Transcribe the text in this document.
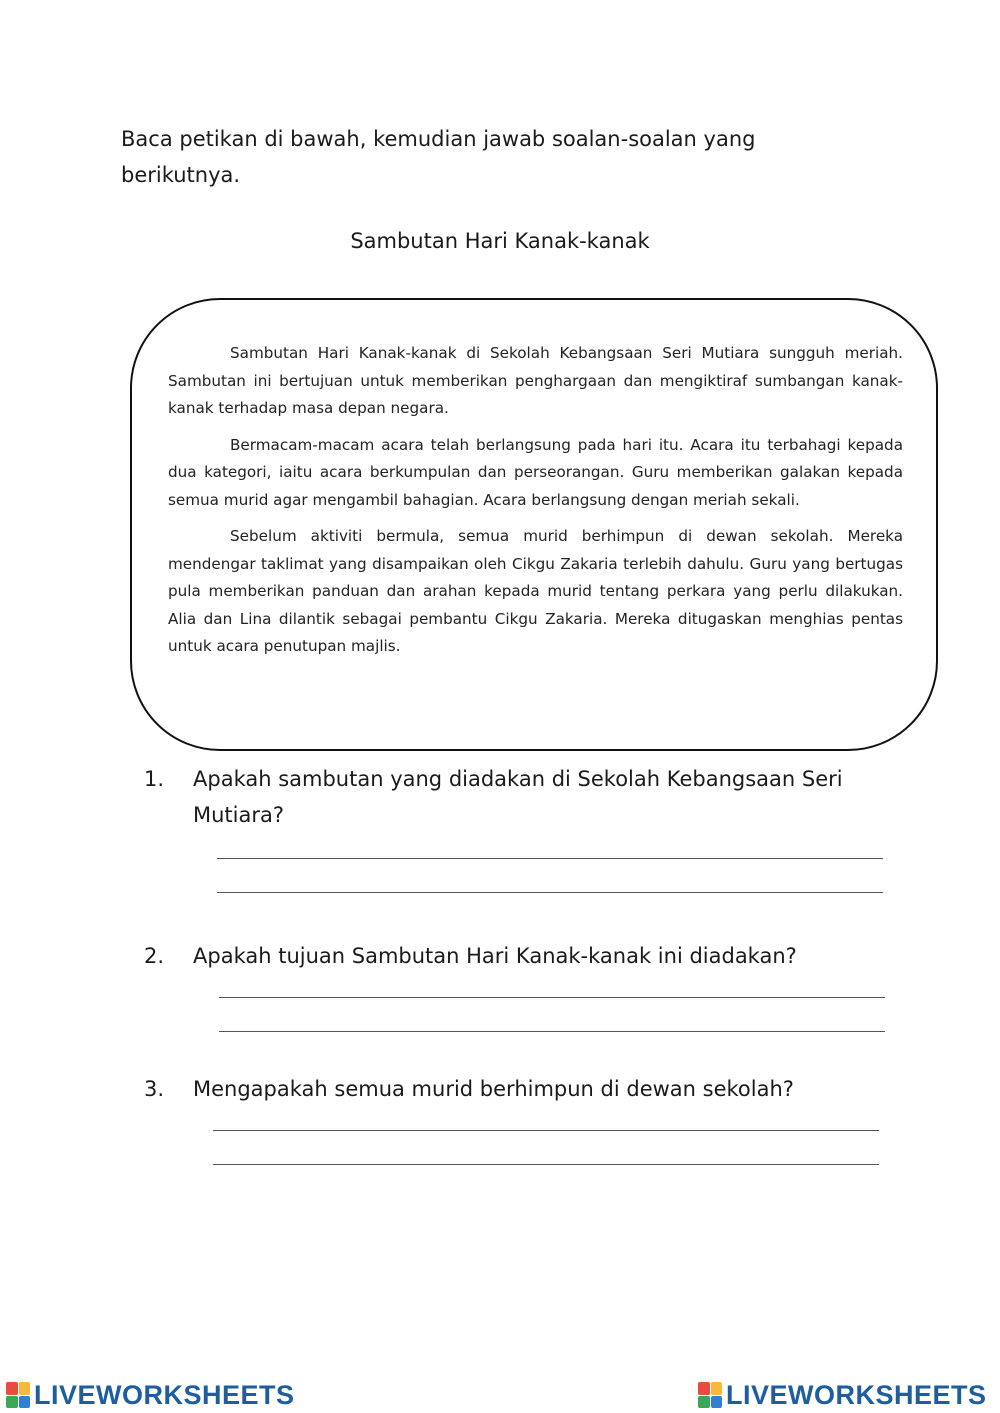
Baca petikan di bawah, kemudian jawab soalan-soalan yang berikutnya.
Sambutan Hari Kanak-kanak

Sambutan Hari Kanak-kanak di Sekolah Kebangsaan Seri Mutiara sungguh meriah. Sambutan ini bertujuan untuk memberikan penghargaan dan mengiktiraf sumbangan kanak-kanak terhadap masa depan negara.

Bermacam-macam acara telah berlangsung pada hari itu. Acara itu terbahagi kepada dua kategori, iaitu acara berkumpulan dan perseorangan. Guru memberikan galakan kepada semua murid agar mengambil bahagian. Acara berlangsung dengan meriah sekali.

Sebelum aktiviti bermula, semua murid berhimpun di dewan sekolah. Mereka mendengar taklimat yang disampaikan oleh Cikgu Zakaria terlebih dahulu. Guru yang bertugas pula memberikan panduan dan arahan kepada murid tentang perkara yang perlu dilakukan. Alia dan Lina dilantik sebagai pembantu Cikgu Zakaria. Mereka ditugaskan menghias pentas untuk acara penutupan majlis.

1. Apakah sambutan yang diadakan di Sekolah Kebangsaan Seri Mutiara?
2. Apakah tujuan Sambutan Hari Kanak-kanak ini diadakan?
3. Mengapakah semua murid berhimpun di dewan sekolah?
LIVEWORKSHEETS	LIVEWORKSHEETS
